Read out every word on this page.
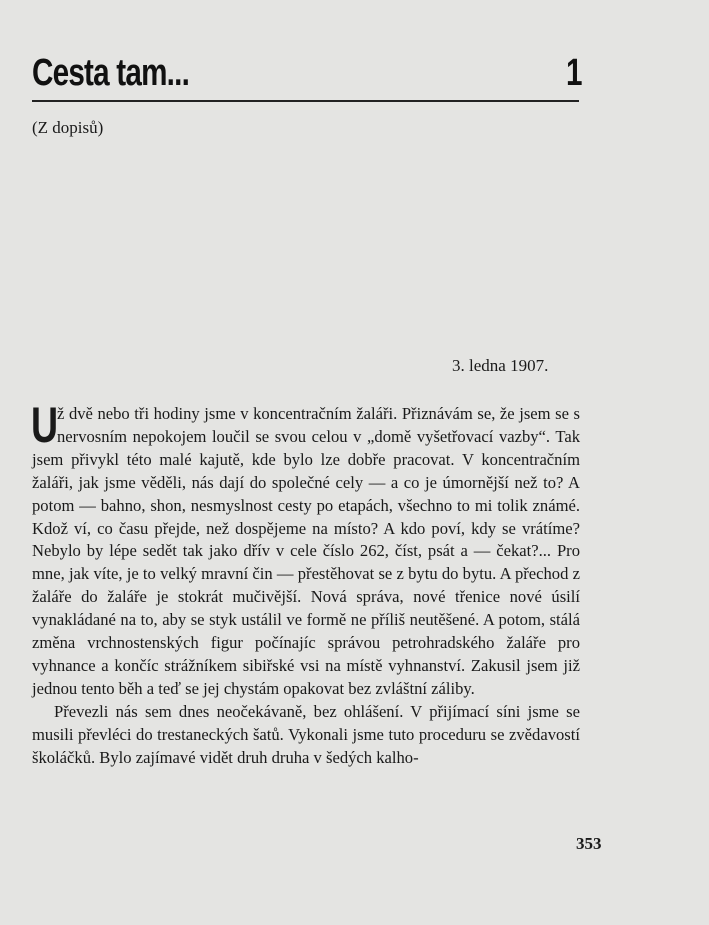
Cesta tam...	1
(Z dopisů)
3. ledna 1907.

U
ž dvě nebo tři hodiny jsme v koncentračním žaláři. Přiznávám se, že jsem se s nervosním nepokojem loučil se svou celou v „domě vyšetřovací vazby“. Tak jsem přivykl této malé kajutě, kde bylo lze dobře pracovat. V koncentračním žaláři, jak jsme věděli, nás dají do společné cely — a co je úmornější než to? A potom — bahno, shon, nesmyslnost cesty po etapách, všechno to mi tolik známé. Kdož ví, co času přejde, než dospějeme na místo? A kdo poví, kdy se vrátíme? Nebylo by lépe sedět tak jako dřív v cele číslo 262, číst, psát a — čekat?... Pro mne, jak víte, je to velký mravní čin — přestěhovat se z bytu do bytu. A přechod z žaláře do žaláře je stokrát mučivější. Nová správa, nové třenice nové úsilí vynakládané na to, aby se styk ustálil ve formě ne příliš neutěšené. A potom, stálá změna vrchnostenských figur počínajíc správou petrohradského žaláře pro vyhnance a končíc strážníkem sibiřské vsi na místě vyhnanství. Zakusil jsem již jednou tento běh a teď se jej chystám opakovat bez zvláštní záliby.

Převezli nás sem dnes neočekávaně, bez ohlášení. V přijímací síni jsme se musili převléci do trestaneckých šatů. Vykonali jsme tuto proceduru se zvědavostí školáčků. Bylo zajímavé vidět druh druha v šedých kalho-

353
